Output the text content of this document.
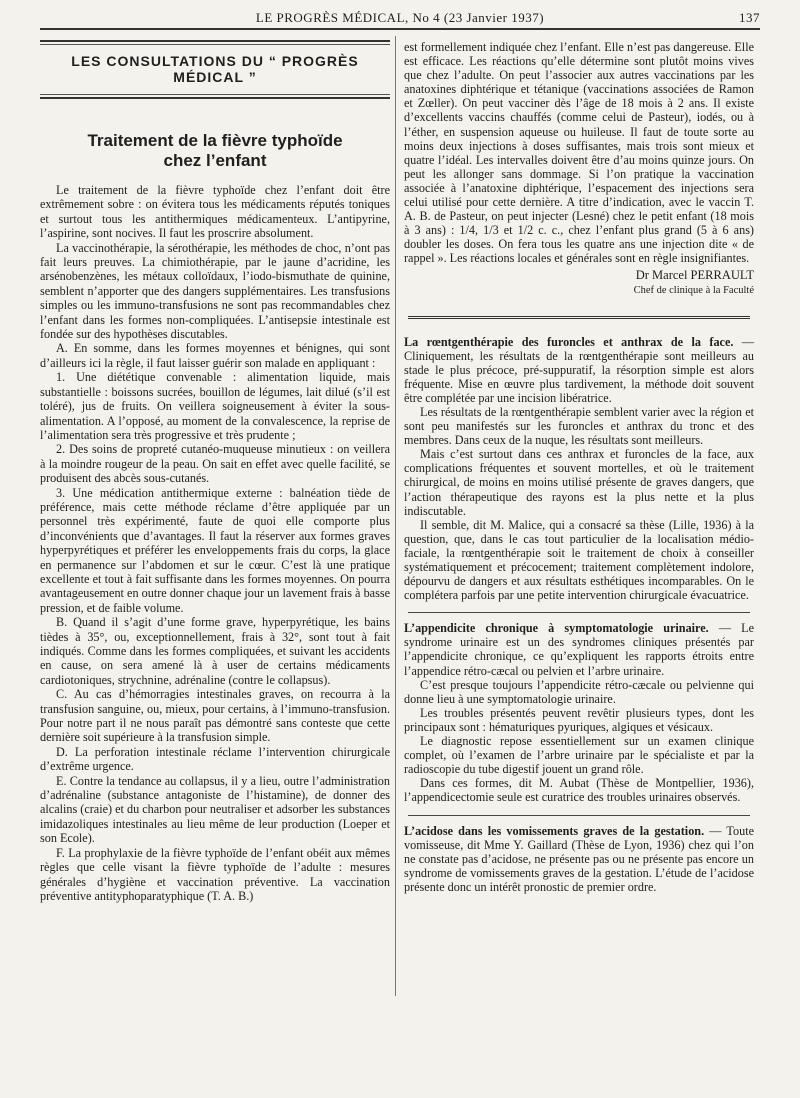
LE PROGRÈS MÉDICAL, No 4 (23 Janvier 1937)	137
LES CONSULTATIONS DU “ PROGRÈS MÉDICAL ”
Traitement de la fièvre typhoïde
chez l’enfant

Le traitement de la fièvre typhoïde chez l’enfant doit être extrêmement sobre : on évitera tous les médicaments réputés toniques et surtout tous les antithermiques médicamenteux. L’antipyrine, l’aspirine, sont nocives. Il faut les proscrire absolument.

La vaccinothérapie, la sérothérapie, les méthodes de choc, n’ont pas fait leurs preuves. La chimiothérapie, par le jaune d’acridine, les arsénobenzènes, les métaux colloïdaux, l’iodo-bismuthate de quinine, semblent n’apporter que des dangers supplémentaires. Les transfusions simples ou les immuno-transfusions ne sont pas recommandables chez l’enfant dans les formes non-compliquées. L’antisepsie intestinale est fondée sur des hypothèses discutables.

A. En somme, dans les formes moyennes et bénignes, qui sont d’ailleurs ici la règle, il faut laisser guérir son malade en appliquant :

1. Une diététique convenable : alimentation liquide, mais substantielle : boissons sucrées, bouillon de légumes, lait dilué (s’il est toléré), jus de fruits. On veillera soigneusement à éviter la sous-alimentation. A l’opposé, au moment de la convalescence, la reprise de l’alimentation sera très progressive et très prudente ;

2. Des soins de propreté cutanéo-muqueuse minutieux : on veillera à la moindre rougeur de la peau. On sait en effet avec quelle facilité, se produisent des abcès sous-cutanés.

3. Une médication antithermique externe : balnéation tiède de préférence, mais cette méthode réclame d’être appliquée par un personnel très expérimenté, faute de quoi elle comporte plus d’inconvénients que d’avantages. Il faut la réserver aux formes graves hyperpyrétiques et préférer les enveloppements frais du corps, la glace en permanence sur l’abdomen et sur le cœur. C’est là une pratique excellente et tout à fait suffisante dans les formes moyennes. On pourra avantageusement en outre donner chaque jour un lavement frais à basse pression, et de faible volume.

B. Quand il s’agit d’une forme grave, hyperpyrétique, les bains tièdes à 35°, ou, exceptionnellement, frais à 32°, sont tout à fait indiqués. Comme dans les formes compliquées, et suivant les accidents en cause, on sera amené là à user de certains médicaments cardiotoniques, strychnine, adrénaline (contre le collapsus).

C. Au cas d’hémorragies intestinales graves, on recourra à la transfusion sanguine, ou, mieux, pour certains, à l’immuno-transfusion. Pour notre part il ne nous paraît pas démontré sans conteste que cette dernière soit supérieure à la transfusion simple.

D. La perforation intestinale réclame l’intervention chirurgicale d’extrême urgence.

E. Contre la tendance au collapsus, il y a lieu, outre l’administration d’adrénaline (substance antagoniste de l’histamine), de donner des alcalins (craie) et du charbon pour neutraliser et adsorber les substances imidazoliques intestinales au lieu même de leur production (Loeper et son Ecole).

F. La prophylaxie de la fièvre typhoïde de l’enfant obéit aux mêmes règles que celle visant la fièvre typhoïde de l’adulte : mesures générales d’hygiène et vaccination préventive. La vaccination préventive antityphoparatyphique (T. A. B.)

est formellement indiquée chez l’enfant. Elle n’est pas dangereuse. Elle est efficace. Les réactions qu’elle détermine sont plutôt moins vives que chez l’adulte. On peut l’associer aux autres vaccinations par les anatoxines diphtérique et tétanique (vaccinations associées de Ramon et Zœller). On peut vacciner dès l’âge de 18 mois à 2 ans. Il existe d’excellents vaccins chauffés (comme celui de Pasteur), iodés, ou à l’éther, en suspension aqueuse ou huileuse. Il faut de toute sorte au moins deux injections à doses suffisantes, mais trois sont mieux et quatre l’idéal. Les intervalles doivent être d’au moins quinze jours. On peut les allonger sans dommage. Si l’on pratique la vaccination associée à l’anatoxine diphtérique, l’espacement des injections sera celui utilisé pour cette dernière. A titre d’indication, avec le vaccin T. A. B. de Pasteur, on peut injecter (Lesné) chez le petit enfant (18 mois à 3 ans) : 1/4, 1/3 et 1/2 c. c., chez l’enfant plus grand (5 à 6 ans) doubler les doses. On fera tous les quatre ans une injection dite « de rappel ». Les réactions locales et générales sont en règle insignifiantes.

Dr Marcel PERRAULT
Chef de clinique à la Faculté

La rœntgenthérapie des furoncles et anthrax de la face. — Cliniquement, les résultats de la rœntgenthérapie sont meilleurs au stade le plus précoce, pré-suppuratif, la résorption simple est alors fréquente. Mise en œuvre plus tardivement, la méthode doit souvent être complétée par une incision libératrice.

Les résultats de la rœntgenthérapie semblent varier avec la région et sont peu manifestés sur les furoncles et anthrax du tronc et des membres. Dans ceux de la nuque, les résultats sont meilleurs.

Mais c’est surtout dans ces anthrax et furoncles de la face, aux complications fréquentes et souvent mortelles, et où le traitement chirurgical, de moins en moins utilisé présente de graves dangers, que l’action thérapeutique des rayons est la plus nette et la plus indiscutable.

Il semble, dit M. Malice, qui a consacré sa thèse (Lille, 1936) à la question, que, dans le cas tout particulier de la localisation médio-faciale, la rœntgenthérapie soit le traitement de choix à conseiller systématiquement et précocement; traitement complètement indolore, dépourvu de dangers et aux résultats esthétiques incomparables. On le complétera parfois par une petite intervention chirurgicale évacuatrice.

L’appendicite chronique à symptomatologie urinaire. — Le syndrome urinaire est un des syndromes cliniques présentés par l’appendicite chronique, ce qu’expliquent les rapports étroits entre l’appendice rétro-cæcal ou pelvien et l’arbre urinaire.

C’est presque toujours l’appendicite rétro-cæcale ou pelvienne qui donne lieu à une symptomatologie urinaire.

Les troubles présentés peuvent revêtir plusieurs types, dont les principaux sont : hématuriques pyuriques, algiques et vésicaux.

Le diagnostic repose essentiellement sur un examen clinique complet, où l’examen de l’arbre urinaire par le spécialiste et par la radioscopie du tube digestif jouent un grand rôle.

Dans ces formes, dit M. Aubat (Thèse de Montpellier, 1936), l’appendicectomie seule est curatrice des troubles urinaires observés.

L’acidose dans les vomissements graves de la gestation. — Toute vomisseuse, dit Mme Y. Gaillard (Thèse de Lyon, 1936) chez qui l’on ne constate pas d’acidose, ne présente pas ou ne présente pas encore un syndrome de vomissements graves de la gestation. L’étude de l’acidose présente donc un intérêt pronostic de premier ordre.
